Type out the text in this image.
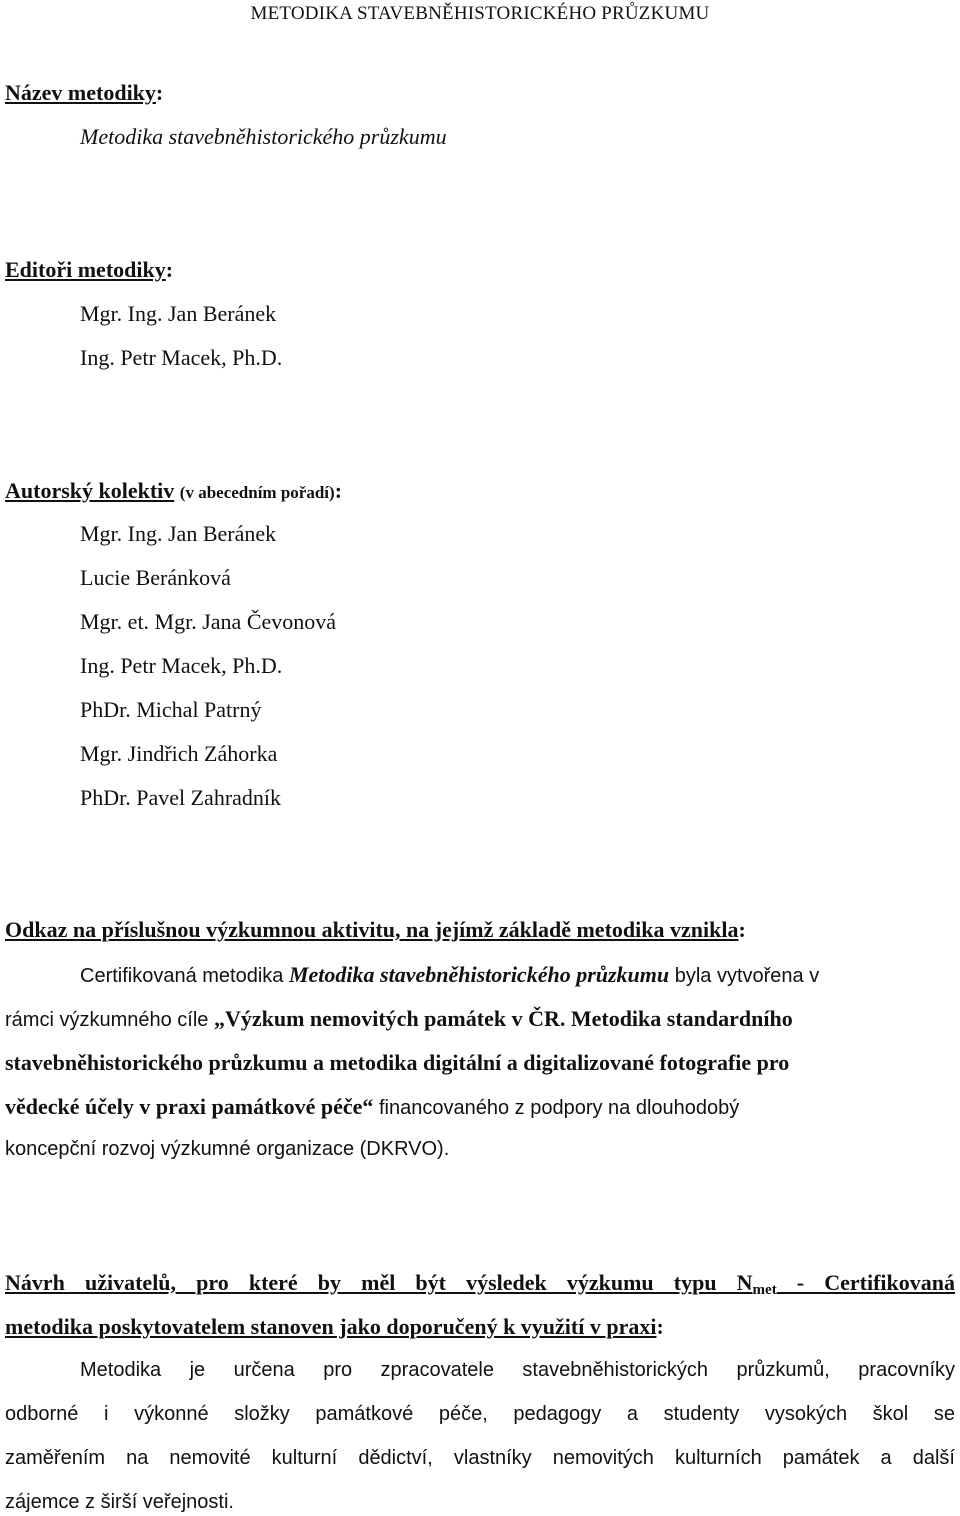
METODIKA STAVEBNĚHISTORICKÉHO PRŮZKUMU
Název metodiky:
Metodika stavebněhistorického průzkumu
Editoři metodiky:
Mgr. Ing. Jan Beránek
Ing. Petr Macek, Ph.D.
Autorský kolektiv (v abecedním pořadí):
Mgr. Ing. Jan Beránek
Lucie Beránková
Mgr. et. Mgr. Jana Čevonová
Ing. Petr Macek, Ph.D.
PhDr. Michal Patrný
Mgr. Jindřich Záhorka
PhDr. Pavel Zahradník
Odkaz na příslušnou výzkumnou aktivitu, na jejímž základě metodika vznikla:
Certifikovaná metodika Metodika stavebněhistorického průzkumu byla vytvořena v
rámci výzkumného cíle „Výzkum nemovitých památek v ČR. Metodika standardního
stavebněhistorického průzkumu a metodika digitální a digitalizované fotografie pro
vědecké účely v praxi památkové péče“ financovaného z podpory na dlouhodobý
koncepční rozvoj výzkumné organizace (DKRVO).
Návrh uživatelů, pro které by měl být výsledek výzkumu typu $N_{met}$ - Certifikovaná
metodika poskytovatelem stanoven jako doporučený k využití v praxi:
Metodika je určena pro zpracovatele stavebněhistorických průzkumů, pracovníky
odborné i výkonné složky památkové péče, pedagogy a studenty vysokých škol se
zaměřením na nemovité kulturní dědictví, vlastníky nemovitých kulturních památek a další
zájemce z širší veřejnosti.
